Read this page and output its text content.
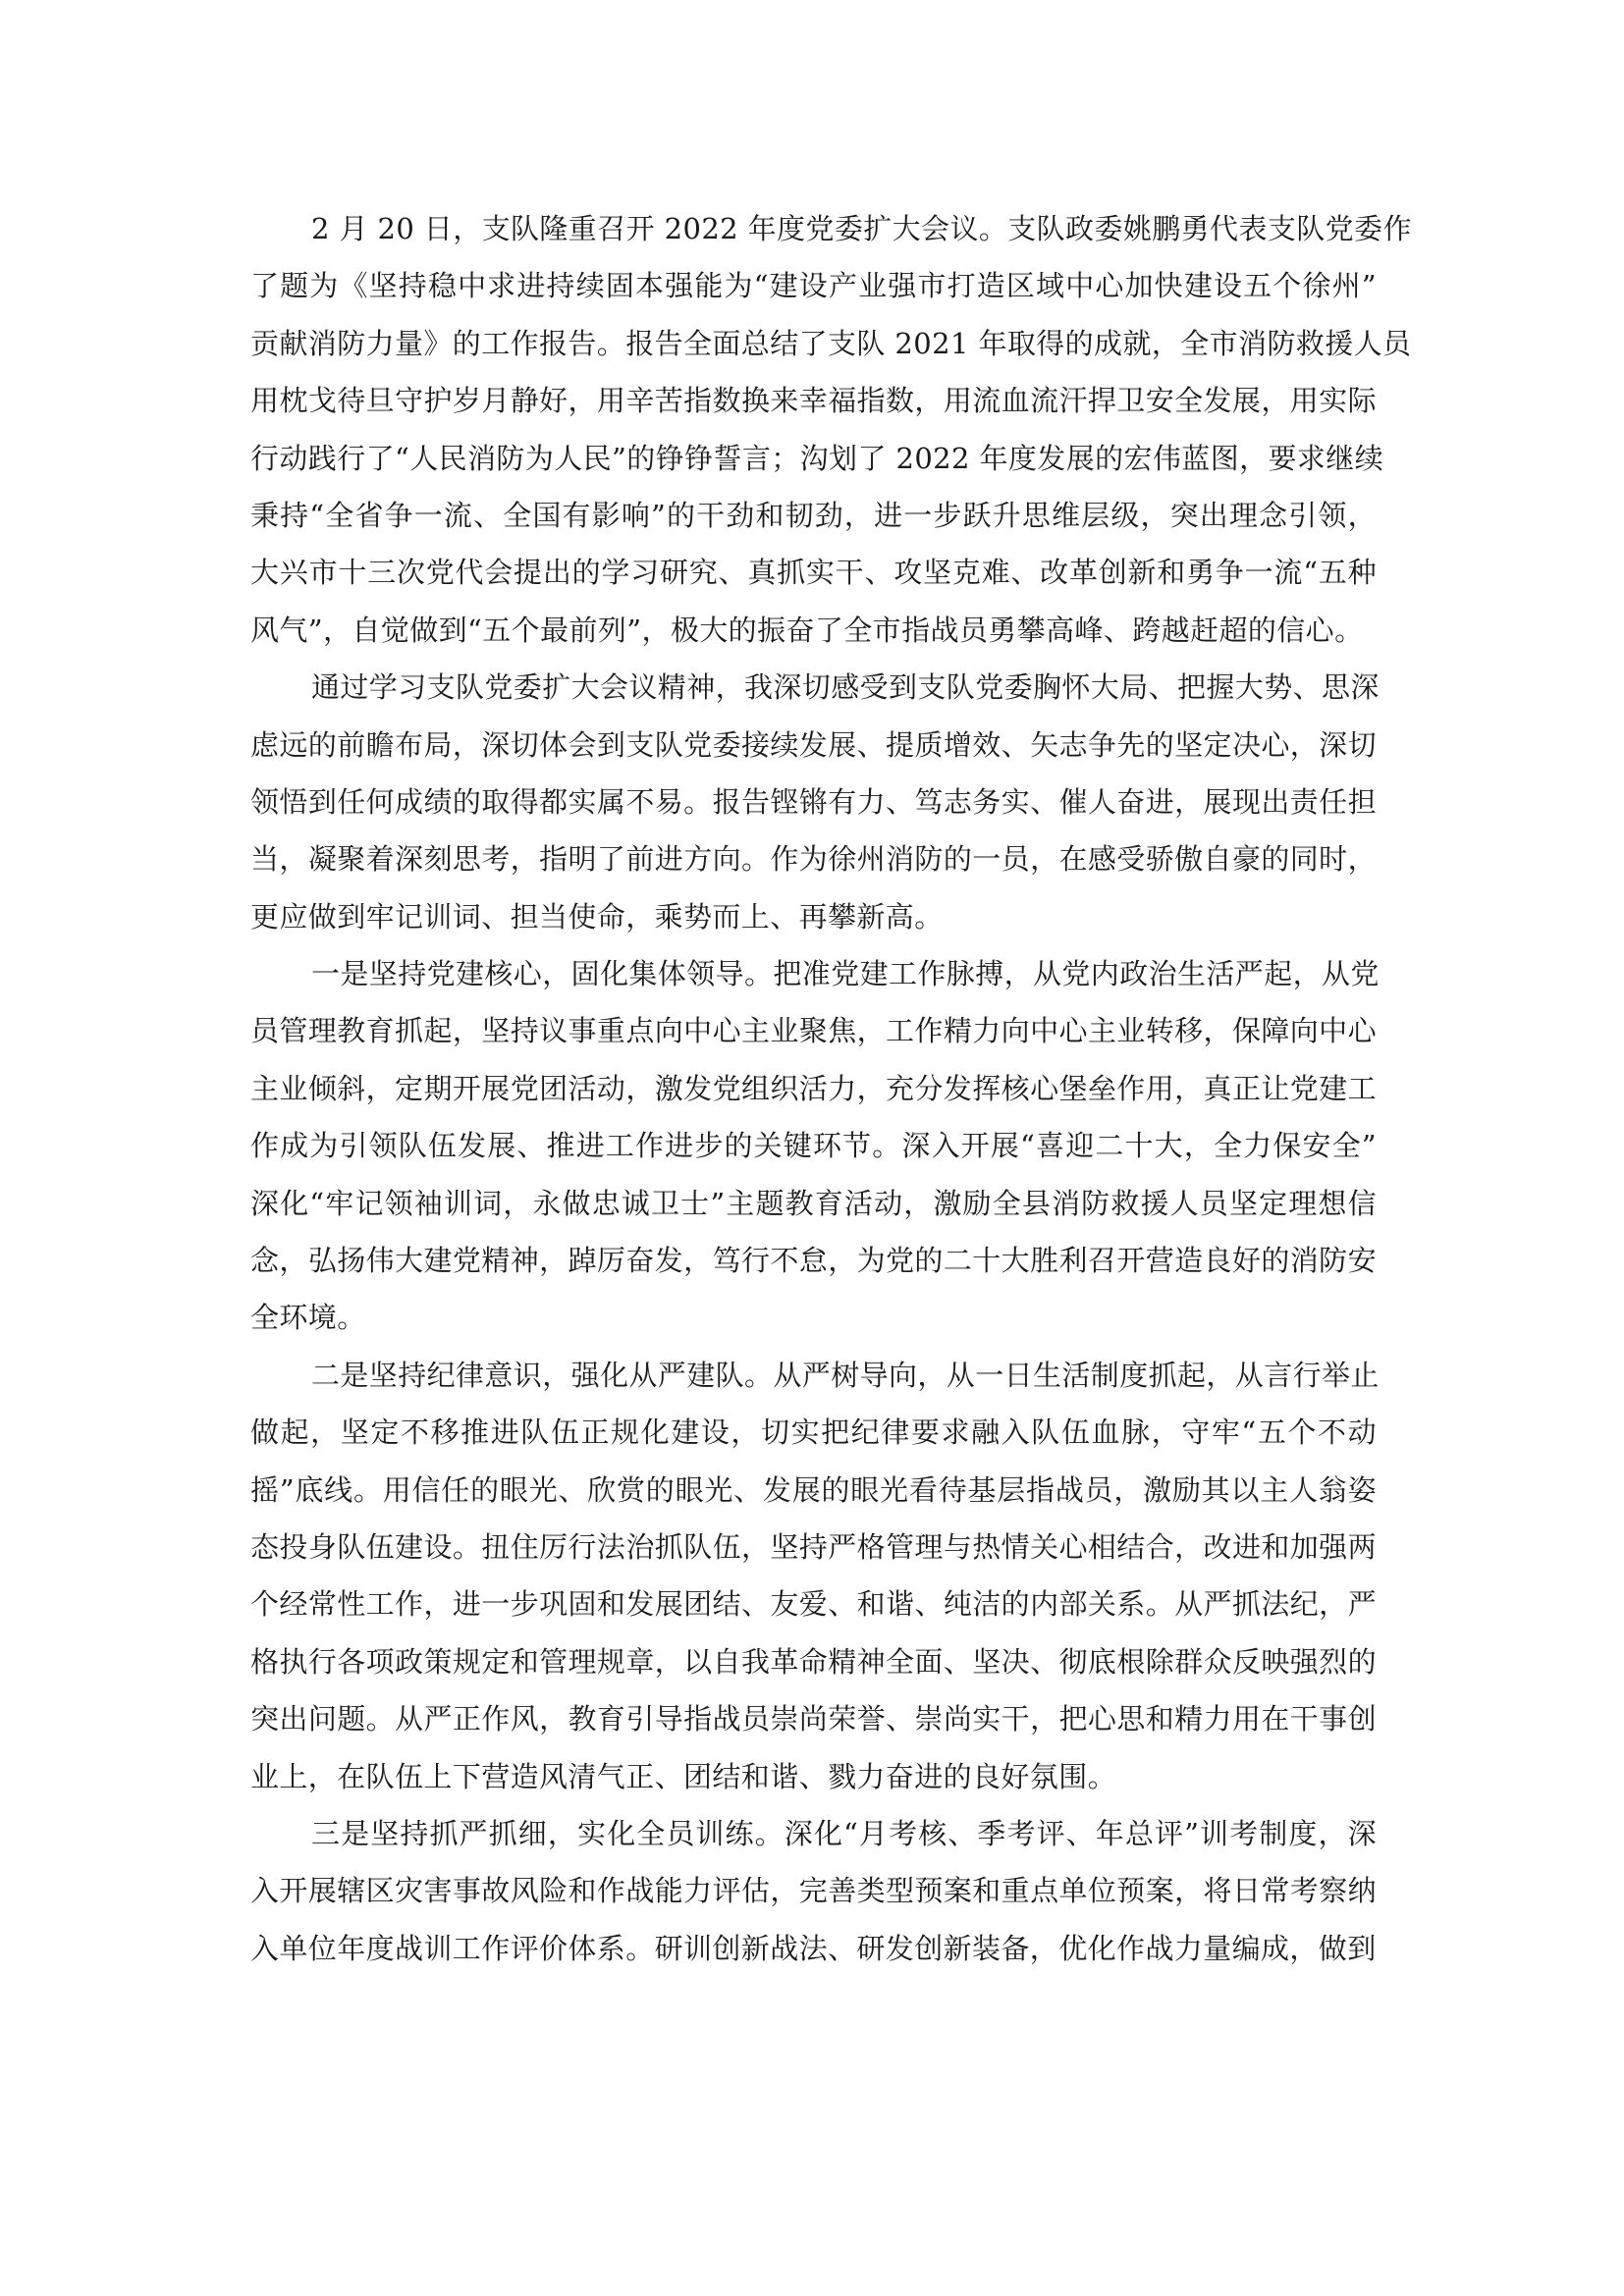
2 月 20 日，支队隆重召开 2022 年度党委扩大会议。支队政委姚鹏勇代表支队党委作
了题为《坚持稳中求进持续固本强能为“建设产业强市打造区域中心加快建设五个徐州”
贡献消防力量》的工作报告。报告全面总结了支队 2021 年取得的成就，全市消防救援人员
用枕戈待旦守护岁月静好，用辛苦指数换来幸福指数，用流血流汗捍卫安全发展，用实际
行动践行了“人民消防为人民”的铮铮誓言；沟划了 2022 年度发展的宏伟蓝图，要求继续
秉持“全省争一流、全国有影响”的干劲和韧劲，进一步跃升思维层级，突出理念引领，
大兴市十三次党代会提出的学习研究、真抓实干、攻坚克难、改革创新和勇争一流“五种
风气”，自觉做到“五个最前列”，极大的振奋了全市指战员勇攀高峰、跨越赶超的信心。
通过学习支队党委扩大会议精神，我深切感受到支队党委胸怀大局、把握大势、思深
虑远的前瞻布局，深切体会到支队党委接续发展、提质增效、矢志争先的坚定决心，深切
领悟到任何成绩的取得都实属不易。报告铿锵有力、笃志务实、催人奋进，展现出责任担
当，凝聚着深刻思考，指明了前进方向。作为徐州消防的一员，在感受骄傲自豪的同时，
更应做到牢记训词、担当使命，乘势而上、再攀新高。
一是坚持党建核心，固化集体领导。把准党建工作脉搏，从党内政治生活严起，从党
员管理教育抓起，坚持议事重点向中心主业聚焦，工作精力向中心主业转移，保障向中心
主业倾斜，定期开展党团活动，激发党组织活力，充分发挥核心堡垒作用，真正让党建工
作成为引领队伍发展、推进工作进步的关键环节。深入开展“喜迎二十大，全力保安全”
深化“牢记领袖训词，永做忠诚卫士”主题教育活动，激励全县消防救援人员坚定理想信
念，弘扬伟大建党精神，踔厉奋发，笃行不怠，为党的二十大胜利召开营造良好的消防安
全环境。
二是坚持纪律意识，强化从严建队。从严树导向，从一日生活制度抓起，从言行举止
做起，坚定不移推进队伍正规化建设，切实把纪律要求融入队伍血脉，守牢“五个不动
摇”底线。用信任的眼光、欣赏的眼光、发展的眼光看待基层指战员，激励其以主人翁姿
态投身队伍建设。扭住厉行法治抓队伍，坚持严格管理与热情关心相结合，改进和加强两
个经常性工作，进一步巩固和发展团结、友爱、和谐、纯洁的内部关系。从严抓法纪，严
格执行各项政策规定和管理规章，以自我革命精神全面、坚决、彻底根除群众反映强烈的
突出问题。从严正作风，教育引导指战员崇尚荣誉、崇尚实干，把心思和精力用在干事创
业上，在队伍上下营造风清气正、团结和谐、戮力奋进的良好氛围。
三是坚持抓严抓细，实化全员训练。深化“月考核、季考评、年总评”训考制度，深
入开展辖区灾害事故风险和作战能力评估，完善类型预案和重点单位预案，将日常考察纳
入单位年度战训工作评价体系。研训创新战法、研发创新装备，优化作战力量编成，做到
